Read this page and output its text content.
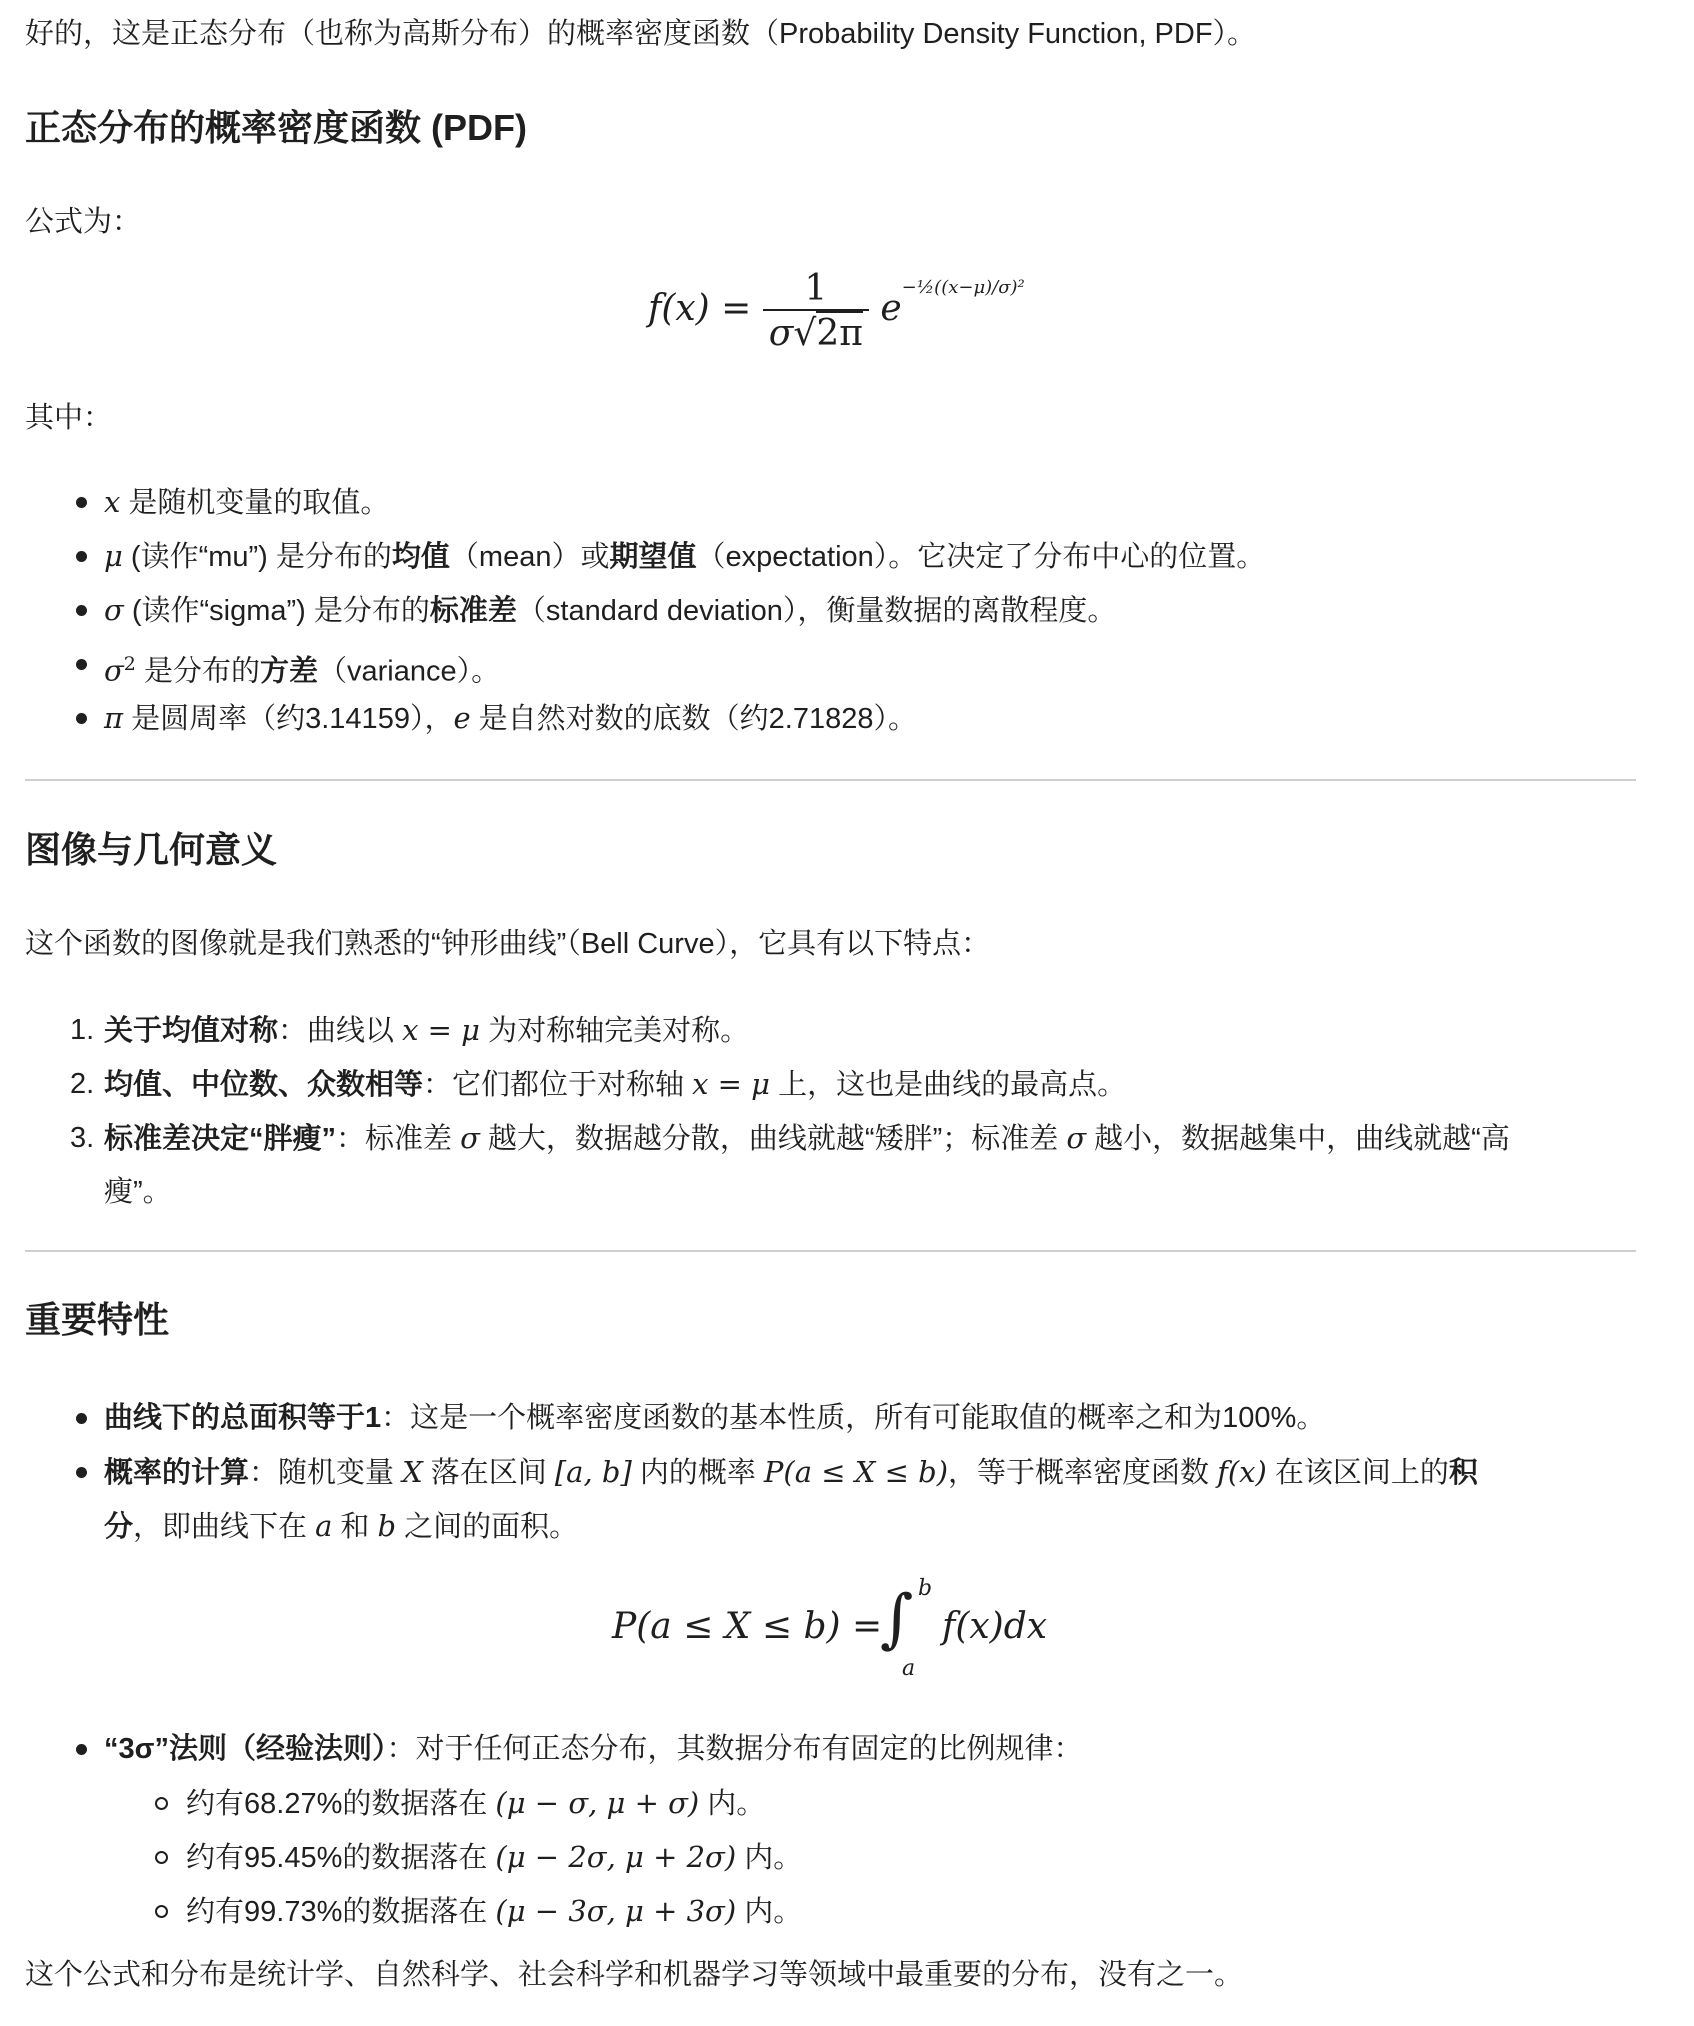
好的，这是正态分布（也称为高斯分布）的概率密度函数（Probability Density Function, PDF）。

正态分布的概率密度函数 (PDF)

公式为：

$f(x) = \frac{1}{\sigma√2\pi} e^{-\frac{1}{2}((x-\mu)/\sigma)^2}$

其中：

x 是随机变量的取值。
μ (读作“mu”) 是分布的均值（mean）或期望值（expectation）。它决定了分布中心的位置。
σ (读作“sigma”) 是分布的标准差（standard deviation），衡量数据的离散程度。
$\sigma^2$ 是分布的方差（variance）。
π 是圆周率（约3.14159），e 是自然对数的底数（约2.71828）。
图像与几何意义

这个函数的图像就是我们熟悉的“钟形曲线”（Bell Curve），它具有以下特点：

1. 关于均值对称：曲线以 x = μ 为对称轴完美对称。
2. 均值、中位数、众数相等：它们都位于对称轴 x = μ 上，这也是曲线的最高点。
3. 标准差决定“胖瘦”：标准差 σ 越大，数据越分散，曲线就越“矮胖”；标准差 σ 越小，数据越集中，曲线就越“高
瘦”。
重要特性
曲线下的总面积等于1：这是一个概率密度函数的基本性质，所有可能取值的概率之和为100%。
概率的计算：随机变量 X 落在区间 [a, b] 内的概率 P(a ≤ X ≤ b)，等于概率密度函数 f(x) 在该区间上的积
分，即曲线下在 a 和 b 之间的面积。
P(a ≤ X ≤ b) =
∫ b
a
f(x)dx
“3σ”法则（经验法则）：对于任何正态分布，其数据分布有固定的比例规律：
约有68.27%的数据落在 (μ − σ, μ + σ) 内。
约有95.45%的数据落在 (μ − 2σ, μ + 2σ) 内。
约有99.73%的数据落在 (μ − 3σ, μ + 3σ) 内。

这个公式和分布是统计学、自然科学、社会科学和机器学习等领域中最重要的分布，没有之一。
